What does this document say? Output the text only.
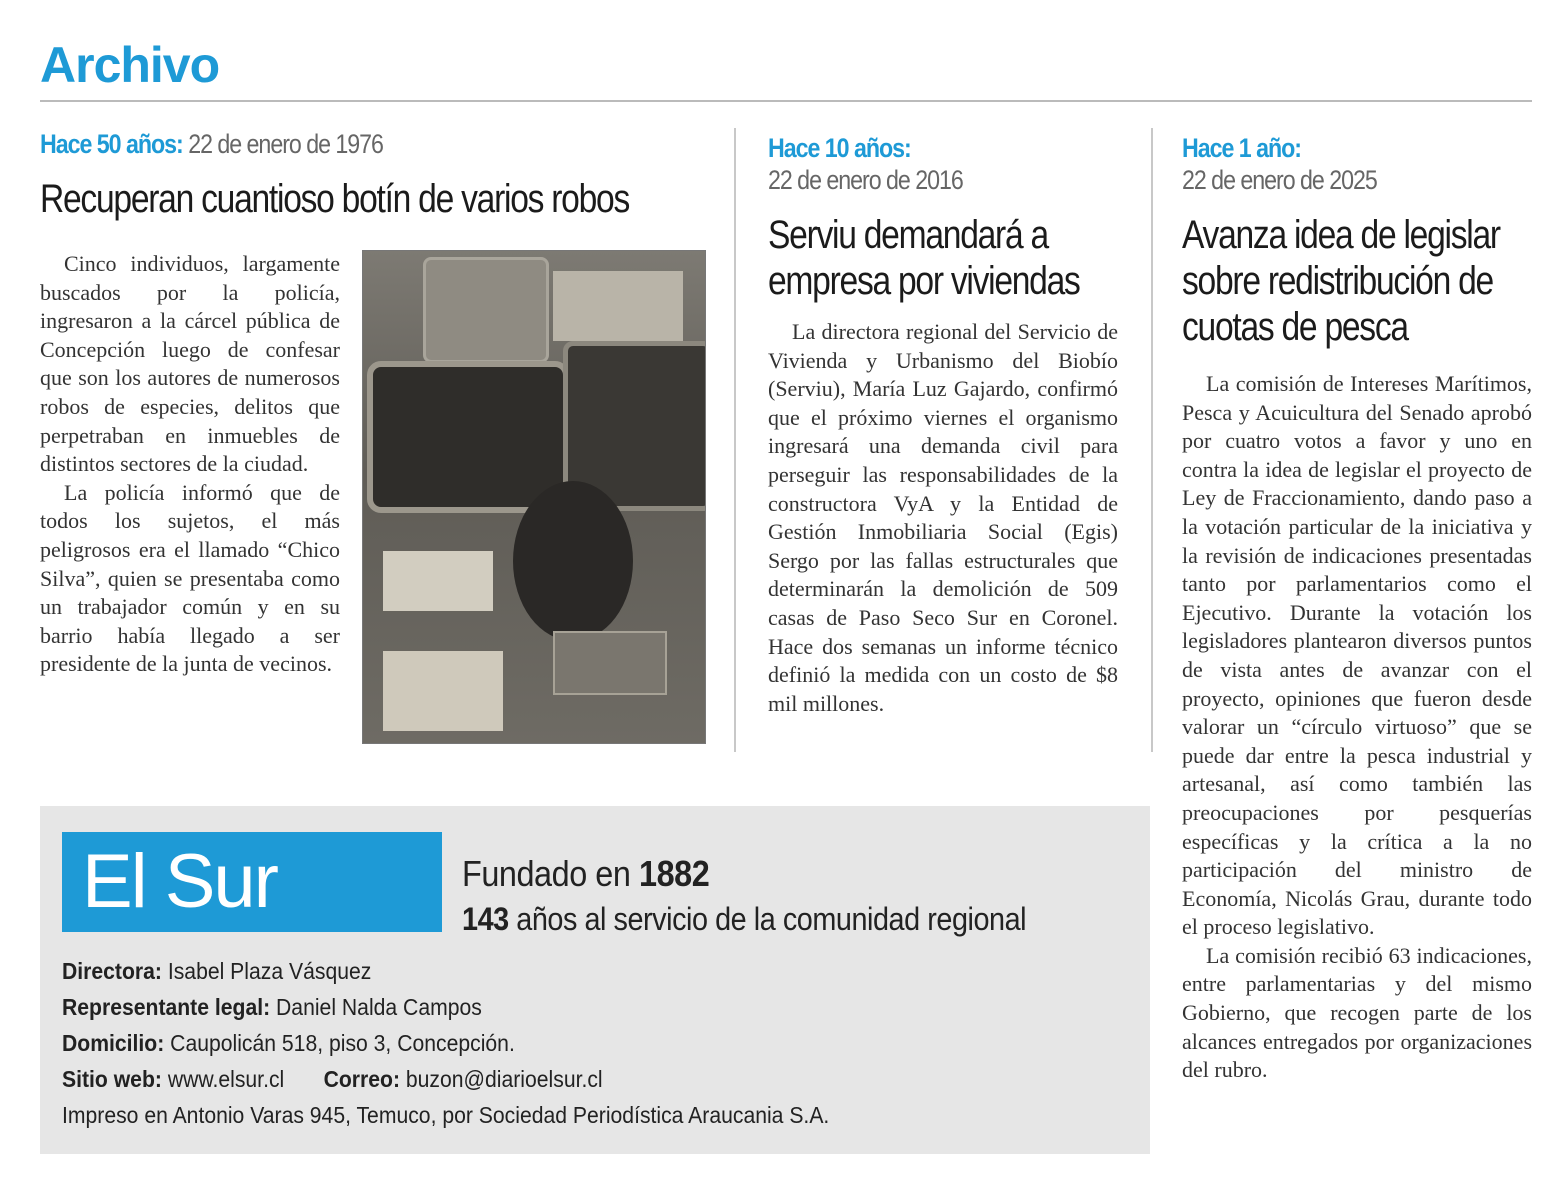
Archivo
Hace 50 años: 22 de enero de 1976
Recuperan cuantioso botín de varios robos

Cinco individuos, largamente buscados por la policía, ingresaron a la cárcel pública de Concepción luego de confesar que son los autores de numerosos robos de especies, delitos que perpetraban en inmuebles de distintos sectores de la ciudad.

La policía informó que de todos los sujetos, el más peligrosos era el llamado “Chico Silva”, quien se presentaba como un trabajador común y en su barrio había llegado a ser presidente de la junta de vecinos.

Hace 10 años:
22 de enero de 2016
Serviu demandará a empresa por viviendas

La directora regional del Servicio de Vivienda y Urbanismo del Biobío (Serviu), María Luz Gajardo, confirmó que el próximo viernes el organismo ingresará una demanda civil para perseguir las responsabilidades de la constructora VyA y la Entidad de Gestión Inmobiliaria Social (Egis) Sergo por las fallas estructurales que determinarán la demolición de 509 casas de Paso Seco Sur en Coronel. Hace dos semanas un informe técnico definió la medida con un costo de $8 mil millones.

Hace 1 año:
22 de enero de 2025
Avanza idea de legislar sobre redistribución de cuotas de pesca

La comisión de Intereses Marítimos, Pesca y Acuicultura del Senado aprobó por cuatro votos a favor y uno en contra la idea de legislar el proyecto de Ley de Fraccionamiento, dando paso a la votación particular de la iniciativa y la revisión de indicaciones presentadas tanto por parlamentarios como el Ejecutivo. Durante la votación los legisladores plantearon diversos puntos de vista antes de avanzar con el proyecto, opiniones que fueron desde valorar un “círculo virtuoso” que se puede dar entre la pesca industrial y artesanal, así como también las preocupaciones por pesquerías específicas y la crítica a la no participación del ministro de Economía, Nicolás Grau, durante todo el proceso legislativo.

La comisión recibió 63 indicaciones, entre parlamentarias y del mismo Gobierno, que recogen parte de los alcances entregados por organizaciones del rubro.

El Sur	Fundado en 1882
143 años al servicio de la comunidad regional
Directora: Isabel Plaza Vásquez
Representante legal: Daniel Nalda Campos
Domicilio: Caupolicán 518, piso 3, Concepción.
Sitio web: www.elsur.cl Correo: buzon@diarioelsur.cl
Impreso en Antonio Varas 945, Temuco, por Sociedad Periodística Araucania S.A.
